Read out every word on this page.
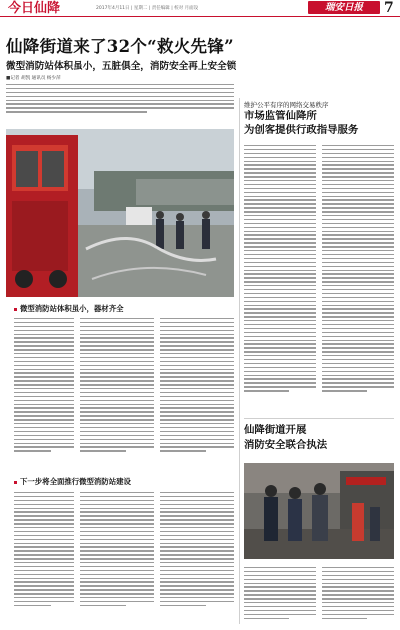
今日仙降	2017年4月11日 | 星期二 | 责任编辑 | 校对 月面设	瑞安日报	7
仙降街道来了32个“救火先锋”
微型消防站体积虽小，五脏俱全，消防安全再上安全锁
■记者 胡凯 通讯员 杨少萍
微型消防站体积虽小，器材齐全
下一步将全面推行微型消防站建设
维护公平有序的网络交易秩序
市场监管仙降所
为创客提供行政指导服务
仙降街道开展
消防安全联合执法
